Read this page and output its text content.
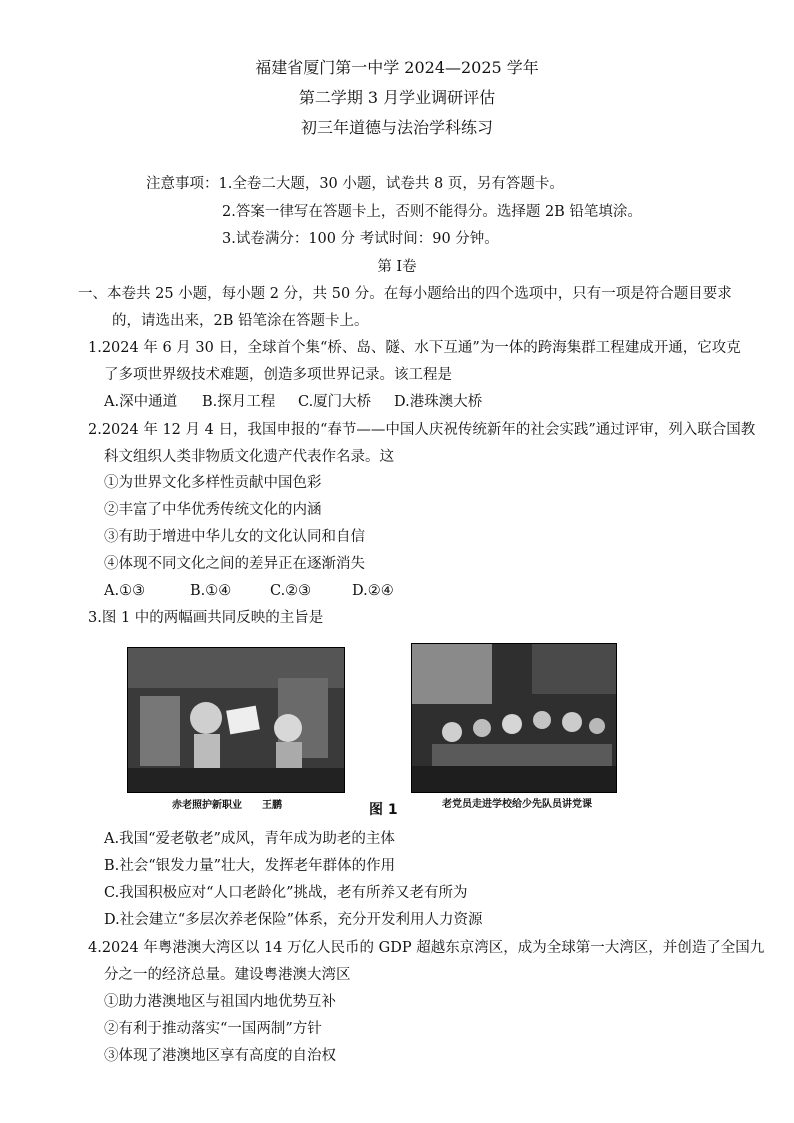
福建省厦门第一中学 2024—2025 学年
第二学期 3 月学业调研评估
初三年道德与法治学科练习
注意事项：1.全卷二大题，30 小题，试卷共 8 页，另有答题卡。
2.答案一律写在答题卡上，否则不能得分。选择题 2B 铅笔填涂。
3.试卷满分：100 分 考试时间：90 分钟。
第 I卷
一、本卷共 25 小题，每小题 2 分，共 50 分。在每小题给出的四个选项中，只有一项是符合题目要求
的，请选出来，2B 铅笔涂在答题卡上。
1.2024 年 6 月 30 日，全球首个集“桥、岛、隧、水下互通”为一体的跨海集群工程建成开通，它攻克
了多项世界级技术难题，创造多项世界记录。该工程是
A.深中通道 B.探月工程 C.厦门大桥 D.港珠澳大桥
2.2024 年 12 月 4 日，我国申报的“春节——中国人庆祝传统新年的社会实践”通过评审，列入联合国教
科文组织人类非物质文化遗产代表作名录。这
①为世界文化多样性贡献中国色彩
②丰富了中华优秀传统文化的内涵
③有助于增进中华儿女的文化认同和自信
④体现不同文化之间的差异正在逐渐消失
A.①③	B.①④	C.②③	D.②④
3.图 1 中的两幅画共同反映的主旨是
赤老照护新职业　　王鹏	老党员走进学校给少先队员讲党课
图 1
A.我国“爱老敬老”成风，青年成为助老的主体
B.社会“银发力量”壮大，发挥老年群体的作用
C.我国积极应对“人口老龄化”挑战，老有所养又老有所为
D.社会建立“多层次养老保险”体系，充分开发利用人力资源
4.2024 年粤港澳大湾区以 14 万亿人民币的 GDP 超越东京湾区，成为全球第一大湾区，并创造了全国九
分之一的经济总量。建设粤港澳大湾区
①助力港澳地区与祖国内地优势互补
②有利于推动落实“一国两制”方针
③体现了港澳地区享有高度的自治权
